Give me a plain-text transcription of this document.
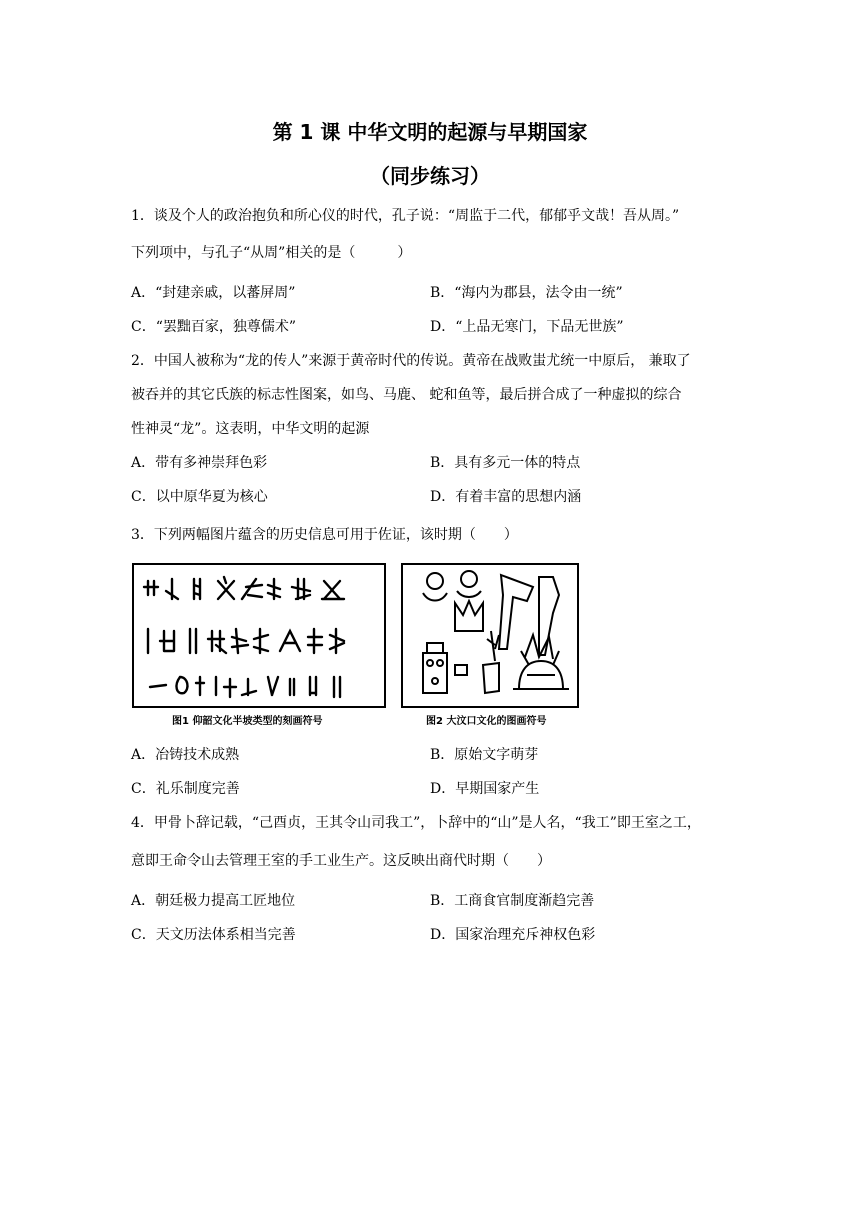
第 1 课 中华文明的起源与早期国家
（同步练习）
1．谈及个人的政治抱负和所心仪的时代，孔子说：“周监于二代，郁郁乎文哉！吾从周。”
下列项中，与孔子“从周”相关的是（　　　）
A．“封建亲戚，以蕃屏周”	B．“海内为郡县，法令由一统”
C．“罢黜百家，独尊儒术”	D．“上品无寒门，下品无世族”
2．中国人被称为“龙的传人”来源于黄帝时代的传说。黄帝在战败蚩尤统一中原后， 兼取了
被吞并的其它氏族的标志性图案，如鸟、马鹿、 蛇和鱼等，最后拼合成了一种虚拟的综合
性神灵“龙”。这表明，中华文明的起源
A．带有多神崇拜色彩	B．具有多元一体的特点
C．以中原华夏为核心	D．有着丰富的思想内涵
3．下列两幅图片蕴含的历史信息可用于佐证，该时期（　　）
图1 仰韶文化半坡类型的刻画符号	图2 大汶口文化的图画符号
A．冶铸技术成熟	B．原始文字萌芽
C．礼乐制度完善	D．早期国家产生
4．甲骨卜辞记载，“己酉贞，王其令山司我工”，卜辞中的“山”是人名，“我工”即王室之工，
意即王命令山去管理王室的手工业生产。这反映出商代时期（　　）
A．朝廷极力提高工匠地位	B．工商食官制度渐趋完善
C．天文历法体系相当完善	D．国家治理充斥神权色彩
